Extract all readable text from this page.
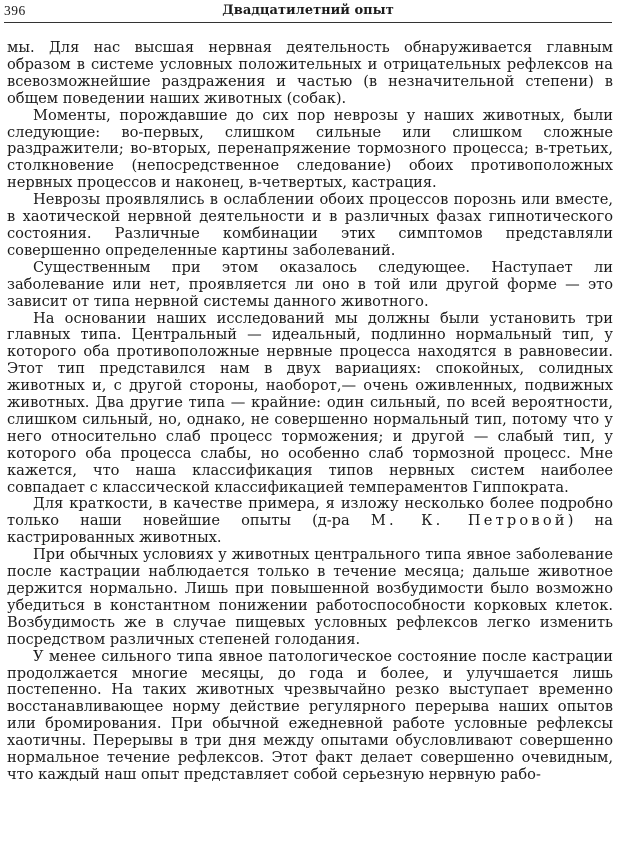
396	Двадцатилетний опыт

мы. Для нас высшая нервная деятельность обнаруживается главным образом в системе условных положительных и отрицательных рефлексов на всевозможнейшие раздражения и частью (в незначительной степени) в общем поведении наших животных (собак).

Моменты, порождавшие до сих пор неврозы у наших животных, были следующие: во-первых, слишком сильные или слишком сложные раздражители; во-вторых, перенапряжение тормозного процесса; в-третьих, столкновение (непосредственное следование) обоих противоположных нервных процессов и наконец, в-четвертых, кастрация.

Неврозы проявлялись в ослаблении обоих процессов порознь или вместе, в хаотической нервной деятельности и в различных фазах гипнотического состояния. Различные комбинации этих симптомов представляли совершенно определенные картины заболеваний.

Существенным при этом оказалось следующее. Наступает ли заболевание или нет, проявляется ли оно в той или другой форме — это зависит от типа нервной системы данного животного.

На основании наших исследований мы должны были установить три главных типа. Центральный — идеальный, подлинно нормальный тип, у которого оба противоположные нервные процесса находятся в равновесии. Этот тип представился нам в двух вариациях: спокойных, солидных животных и, с другой стороны, наоборот,— очень оживленных, подвижных животных. Два другие типа — крайние: один сильный, по всей вероятности, слишком сильный, но, однако, не совершенно нормальный тип, потому что у него относительно слаб процесс торможения; и другой — слабый тип, у которого оба процесса слабы, но особенно слаб тормозной процесс. Мне кажется, что наша классификация типов нервных систем наиболее совпадает с классической классификацией темпераментов Гиппократа.

Для краткости, в качестве примера, я изложу несколько более подробно только наши новейшие опыты (д-ра М. К. Петровой) на кастрированных животных.

При обычных условиях у животных центрального типа явное заболевание после кастрации наблюдается только в течение месяца; дальше животное держится нормально. Лишь при повышенной возбудимости было возможно убедиться в константном понижении работоспособности корковых клеток. Возбудимость же в случае пищевых условных рефлексов легко изменить посредством различных степеней голодания.

У менее сильного типа явное патологическое состояние после кастрации продолжается многие месяцы, до года и более, и улучшается лишь постепенно. На таких животных чрезвычайно резко выступает временно восстанавливающее норму действие регулярного перерыва наших опытов или бромирования. При обычной ежедневной работе условные рефлексы хаотичны. Перерывы в три дня между опытами обусловливают совершенно нормальное течение рефлексов. Этот факт делает совершенно очевидным, что каждый наш опыт представляет собой серьезную нервную рабо-
